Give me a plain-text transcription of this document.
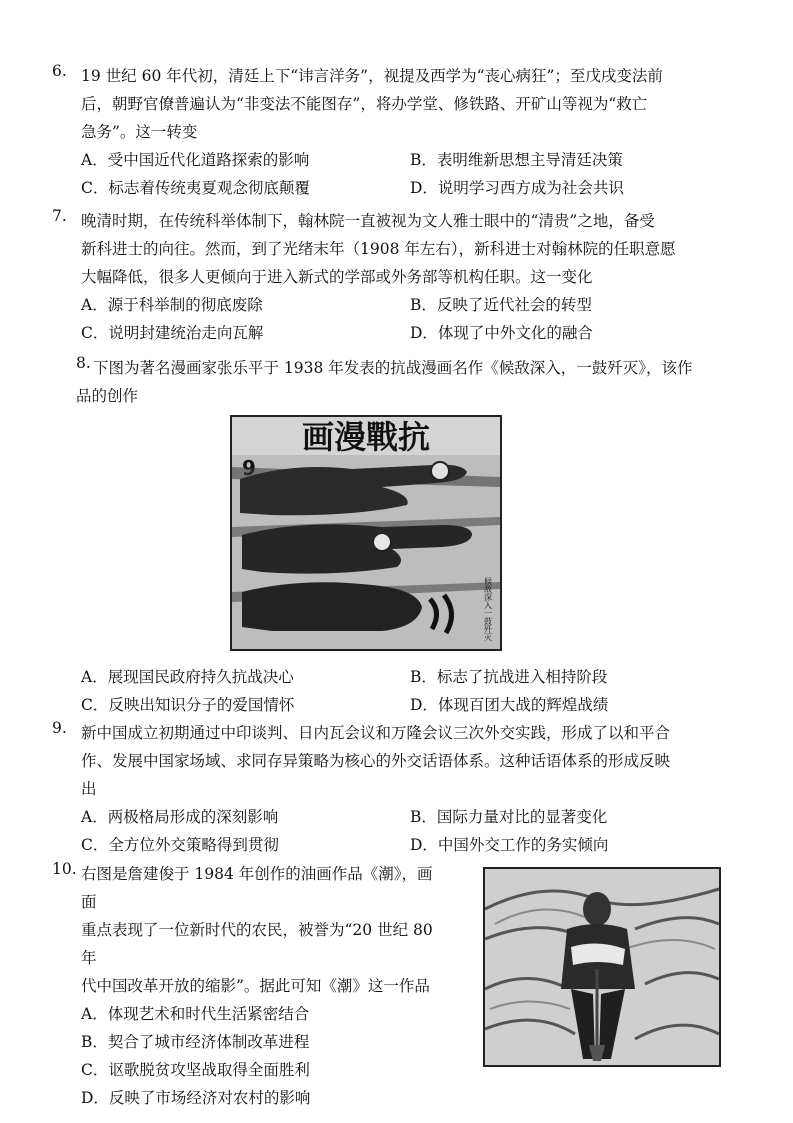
6. 19 世纪 60 年代初，清廷上下“讳言洋务”，视提及西学为“丧心病狂”；至戊戌变法前
后，朝野官僚普遍认为“非变法不能图存”，将办学堂、修铁路、开矿山等视为“救亡
急务”。这一转变
A．受中国近代化道路探索的影响	B．表明维新思想主导清廷决策
C．标志着传统夷夏观念彻底颠覆	D．说明学习西方成为社会共识
7. 晚清时期，在传统科举体制下，翰林院一直被视为文人雅士眼中的“清贵”之地，备受
新科进士的向往。然而，到了光绪末年（1908 年左右），新科进士对翰林院的任职意愿
大幅降低，很多人更倾向于进入新式的学部或外务部等机构任职。这一变化
A．源于科举制的彻底废除	B．反映了近代社会的转型
C．说明封建统治走向瓦解	D．体现了中外文化的融合
8. 下图为著名漫画家张乐平于 1938 年发表的抗战漫画名作《候敌深入，一鼓歼灭》，该作
品的创作
画漫戰抗
候敌深入一鼓歼灭
A．展现国民政府持久抗战决心	B．标志了抗战进入相持阶段
C．反映出知识分子的爱国情怀	D．体现百团大战的辉煌战绩
9. 新中国成立初期通过中印谈判、日内瓦会议和万隆会议三次外交实践，形成了以和平合
作、发展中国家场域、求同存异策略为核心的外交话语体系。这种话语体系的形成反映
出
A．两极格局形成的深刻影响	B．国际力量对比的显著变化
C．全方位外交策略得到贯彻	D．中国外交工作的务实倾向
10. 右图是詹建俊于 1984 年创作的油画作品《潮》，画面
重点表现了一位新时代的农民，被誉为“20 世纪 80 年
代中国改革开放的缩影”。据此可知《潮》这一作品
A．体现艺术和时代生活紧密结合
B．契合了城市经济体制改革进程
C．讴歌脱贫攻坚战取得全面胜利
D．反映了市场经济对农村的影响
